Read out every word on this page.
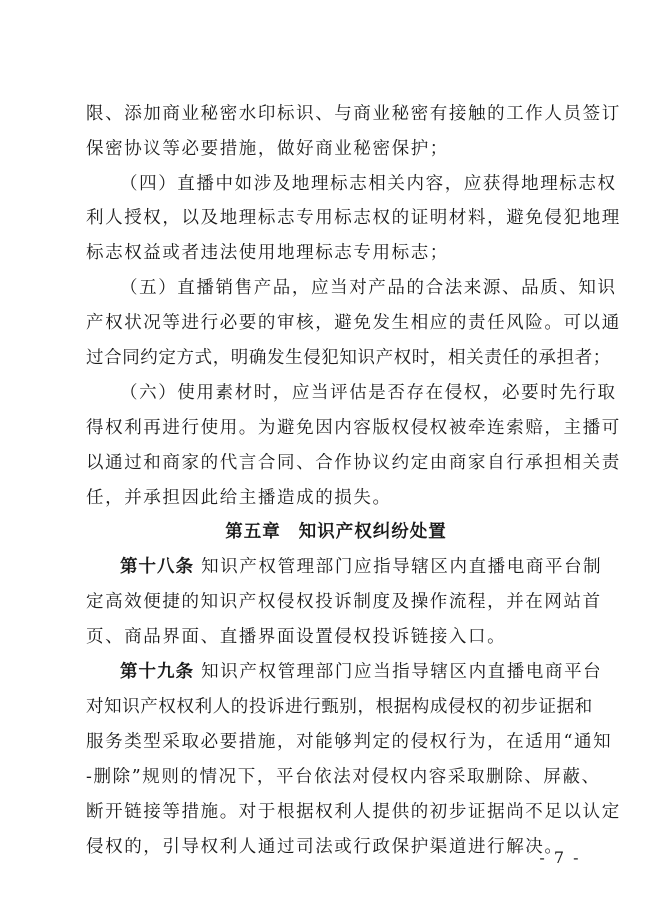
限、添加商业秘密水印标识、与商业秘密有接触的工作人员签订
保密协议等必要措施，做好商业秘密保护；
（四）直播中如涉及地理标志相关内容，应获得地理标志权
利人授权，以及地理标志专用标志权的证明材料，避免侵犯地理
标志权益或者违法使用地理标志专用标志；
（五）直播销售产品，应当对产品的合法来源、品质、知识
产权状况等进行必要的审核，避免发生相应的责任风险。可以通
过合同约定方式，明确发生侵犯知识产权时，相关责任的承担者；
（六）使用素材时，应当评估是否存在侵权，必要时先行取
得权利再进行使用。为避免因内容版权侵权被牵连索赔，主播可
以通过和商家的代言合同、合作协议约定由商家自行承担相关责
任，并承担因此给主播造成的损失。
第五章 知识产权纠纷处置
第十八条 知识产权管理部门应指导辖区内直播电商平台制
定高效便捷的知识产权侵权投诉制度及操作流程，并在网站首
页、商品界面、直播界面设置侵权投诉链接入口。
第十九条 知识产权管理部门应当指导辖区内直播电商平台
对知识产权权利人的投诉进行甄别，根据构成侵权的初步证据和
服务类型采取必要措施，对能够判定的侵权行为，在适用“通知
-删除”规则的情况下，平台依法对侵权内容采取删除、屏蔽、
断开链接等措施。对于根据权利人提供的初步证据尚不足以认定
侵权的，引导权利人通过司法或行政保护渠道进行解决。
- 7 -
